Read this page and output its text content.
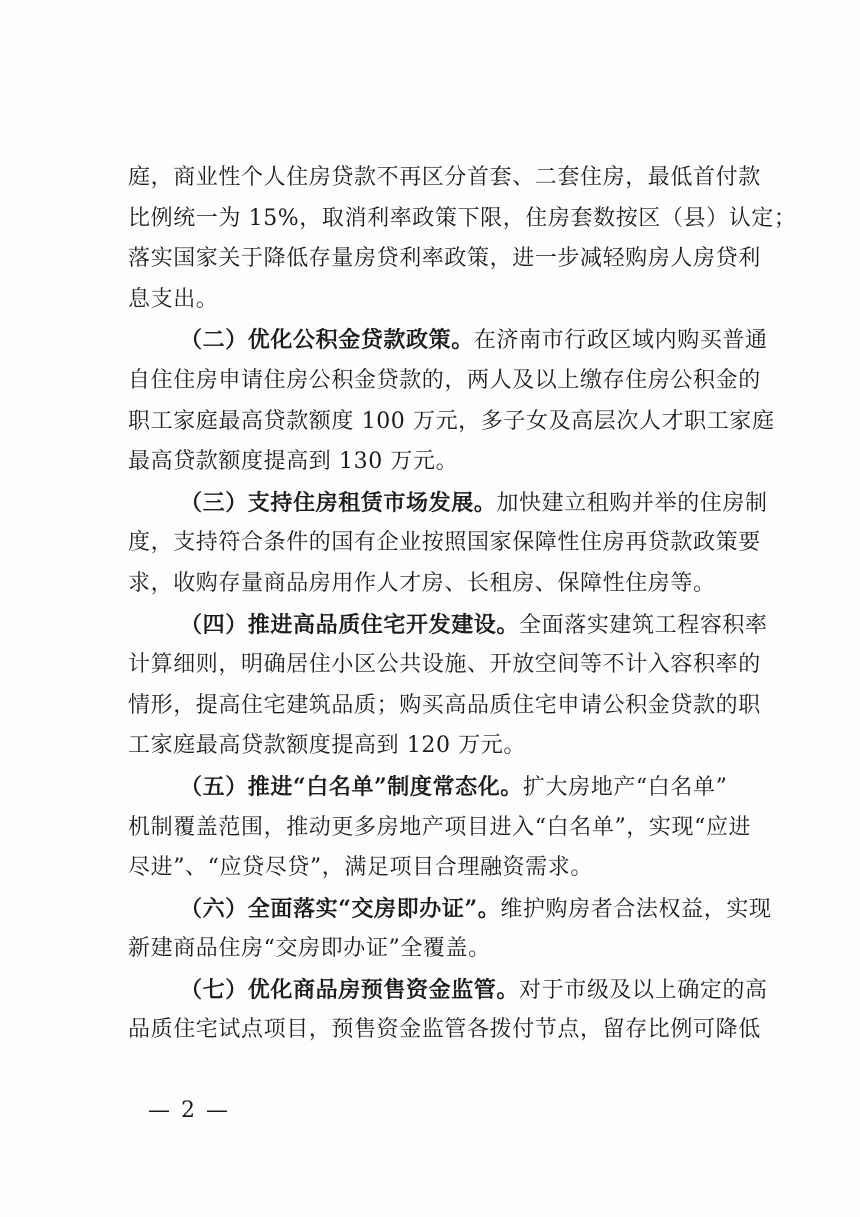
庭，商业性个人住房贷款不再区分首套、二套住房，最低首付款
比例统一为 15%，取消利率政策下限，住房套数按区（县）认定；
落实国家关于降低存量房贷利率政策，进一步减轻购房人房贷利
息支出。
（二）优化公积金贷款政策。在济南市行政区域内购买普通
自住住房申请住房公积金贷款的，两人及以上缴存住房公积金的
职工家庭最高贷款额度 100 万元，多子女及高层次人才职工家庭
最高贷款额度提高到 130 万元。
（三）支持住房租赁市场发展。加快建立租购并举的住房制
度，支持符合条件的国有企业按照国家保障性住房再贷款政策要
求，收购存量商品房用作人才房、长租房、保障性住房等。
（四）推进高品质住宅开发建设。全面落实建筑工程容积率
计算细则，明确居住小区公共设施、开放空间等不计入容积率的
情形，提高住宅建筑品质；购买高品质住宅申请公积金贷款的职
工家庭最高贷款额度提高到 120 万元。
（五）推进“白名单”制度常态化。扩大房地产“白名单”
机制覆盖范围，推动更多房地产项目进入“白名单”，实现“应进
尽进”、“应贷尽贷”，满足项目合理融资需求。
（六）全面落实“交房即办证”。维护购房者合法权益，实现
新建商品住房“交房即办证”全覆盖。
（七）优化商品房预售资金监管。对于市级及以上确定的高
品质住宅试点项目，预售资金监管各拨付节点，留存比例可降低
— 2 —
